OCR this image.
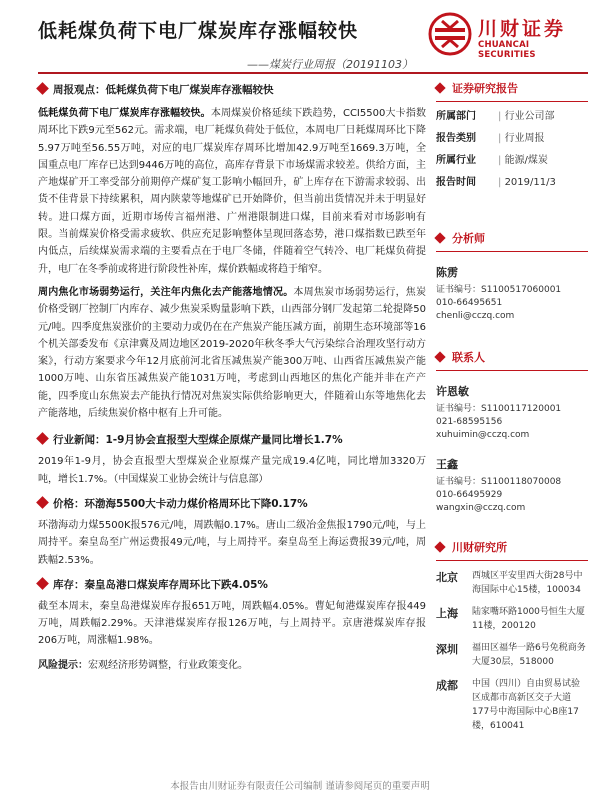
低耗煤负荷下电厂煤炭库存涨幅较快
——煤炭行业周报（20191103）
川财证券
CHUANCAI SECURITIES
周报观点：低耗煤负荷下电厂煤炭库存涨幅较快
低耗煤负荷下电厂煤炭库存涨幅较快。本周煤炭价格延续下跌趋势，CCI5500大卡指数周环比下跌9元至562元。需求端，电厂耗煤负荷处于低位，本周电厂日耗煤周环比下降5.97万吨至56.55万吨，对应的电厂煤炭库存周环比增加42.9万吨至1669.3万吨，全国重点电厂库存已达到9446万吨的高位，高库存背景下市场煤需求较差。供给方面，主产地煤矿开工率受部分前期停产煤矿复工影响小幅回升，矿上库存在下游需求较弱、出货不佳背景下持续累积，周内陕蒙等地煤矿已开始降价，但当前出货情况并未于明显好转。进口煤方面，近期市场传言福州港、广州港限制进口煤，目前来看对市场影响有限。当前煤炭价格受需求疲软、供应充足影响整体呈现回落态势，港口煤指数已跌至年内低点，后续煤炭需求端的主要看点在于电厂冬储，伴随着空气转冷、电厂耗煤负荷提升，电厂在冬季前或将进行阶段性补库，煤价跌幅或将趋于缩窄。
周内焦化市场弱势运行，关注年内焦化去产能落地情况。本周焦炭市场弱势运行，焦炭价格受钢厂控制厂内库存、减少焦炭采购量影响下跌，山西部分钢厂发起第二轮提降50元/吨。四季度焦炭涨价的主要动力或仍在在产焦炭产能压减方面，前期生态环境部等16个机关部委发布《京津冀及周边地区2019-2020年秋冬季大气污染综合治理攻坚行动方案》，行动方案要求今年12月底前河北省压减焦炭产能300万吨、山西省压减焦炭产能1000万吨、山东省压减焦炭产能1031万吨，考虑到山西地区的焦化产能并非在产产能，四季度山东焦炭去产能执行情况对焦炭实际供给影响更大，伴随着山东等地焦化去产能落地，后续焦炭价格中枢有上升可能。
行业新闻：1-9月协会直报型大型煤企原煤产量同比增长1.7%
2019年1-9月，协会直报型大型煤炭企业原煤产量完成19.4亿吨，同比增加3320万吨，增长1.7%。（中国煤炭工业协会统计与信息部）
价格：环渤海5500大卡动力煤价格周环比下降0.17%
环渤海动力煤5500K报576元/吨，周跌幅0.17%。唐山二级冶金焦报1790元/吨，与上周持平。秦皇岛至广州运费报49元/吨，与上周持平。秦皇岛至上海运费报39元/吨，周跌幅2.53%。
库存：秦皇岛港口煤炭库存周环比下跌4.05%
截至本周末，秦皇岛港煤炭库存报651万吨，周跌幅4.05%。曹妃甸港煤炭库存报449万吨，周跌幅2.29%。天津港煤炭库存报126万吨，与上周持平。京唐港煤炭库存报206万吨，周涨幅1.98%。
风险提示：宏观经济形势调整，行业政策变化。
证券研究报告
所属部门	| 行业公司部
报告类别	| 行业周报
所属行业	| 能源/煤炭
报告时间	| 2019/11/3
分析师
陈雳
证书编号：S1100517060001
010-66495651
chenli@cczq.com
联系人
许恩敏
证书编号：S1100117120001
021-68595156
xuhuimin@cczq.com
王鑫
证书编号：S1100118070008
010-66495929
wangxin@cczq.com
川财研究所
北京	西城区平安里西大街28号中海国际中心15楼，100034
上海	陆家嘴环路1000号恒生大厦11楼，200120
深圳	福田区福华一路6号免税商务大厦30层，518000
成都	中国（四川）自由贸易试验区成都市高新区交子大道177号中海国际中心B座17楼，610041
本报告由川财证券有限责任公司编制 谨请参阅尾页的重要声明
